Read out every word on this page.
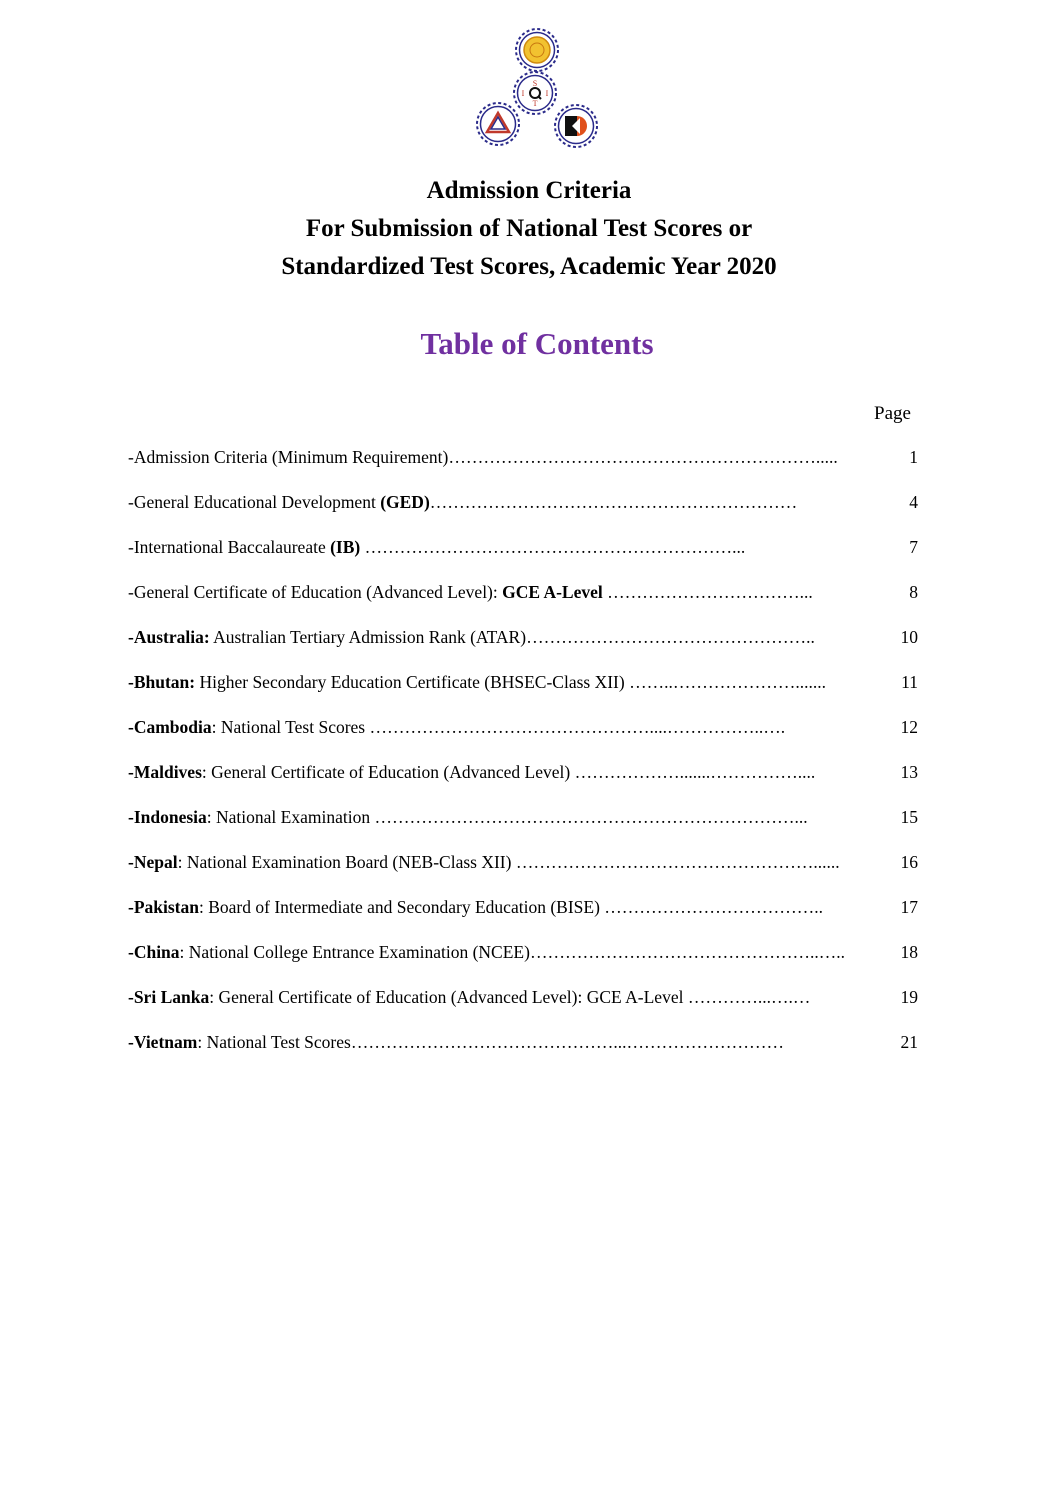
S
I	I
T
Admission Criteria
For Submission of National Test Scores or
Standardized Test Scores, Academic Year 2020
Table of Contents
Page
-Admission Criteria (Minimum Requirement) ……………………………………………………….....	1
-General Educational Development (GED) ………………………………………………………	4
-International Baccalaureate (IB) ………………………………………………………...	7
-General Certificate of Education (Advanced Level): GCE A-Level ……………………………...	8
-Australia: Australian Tertiary Admission Rank (ATAR) …………………………………………..	10
-Bhutan: Higher Secondary Education Certificate (BHSEC-Class XII) ……..………………….......	11
-Cambodia: National Test Scores …………………………………………....……………..….	12
-Maldives: General Certificate of Education (Advanced Level) ……………….......……………....	13
-Indonesia: National Examination ………………………………………………………………...	15
-Nepal: National Examination Board (NEB-Class XII) ……………………………………………......	16
-Pakistan: Board of Intermediate and Secondary Education (BISE) ………………………………..	17
-China: National College Entrance Examination (NCEE) …………………………………………..…..	18
-Sri Lanka: General Certificate of Education (Advanced Level): GCE A-Level …………...….…	19
-Vietnam: National Test Scores ………………………………………...………………………	21
